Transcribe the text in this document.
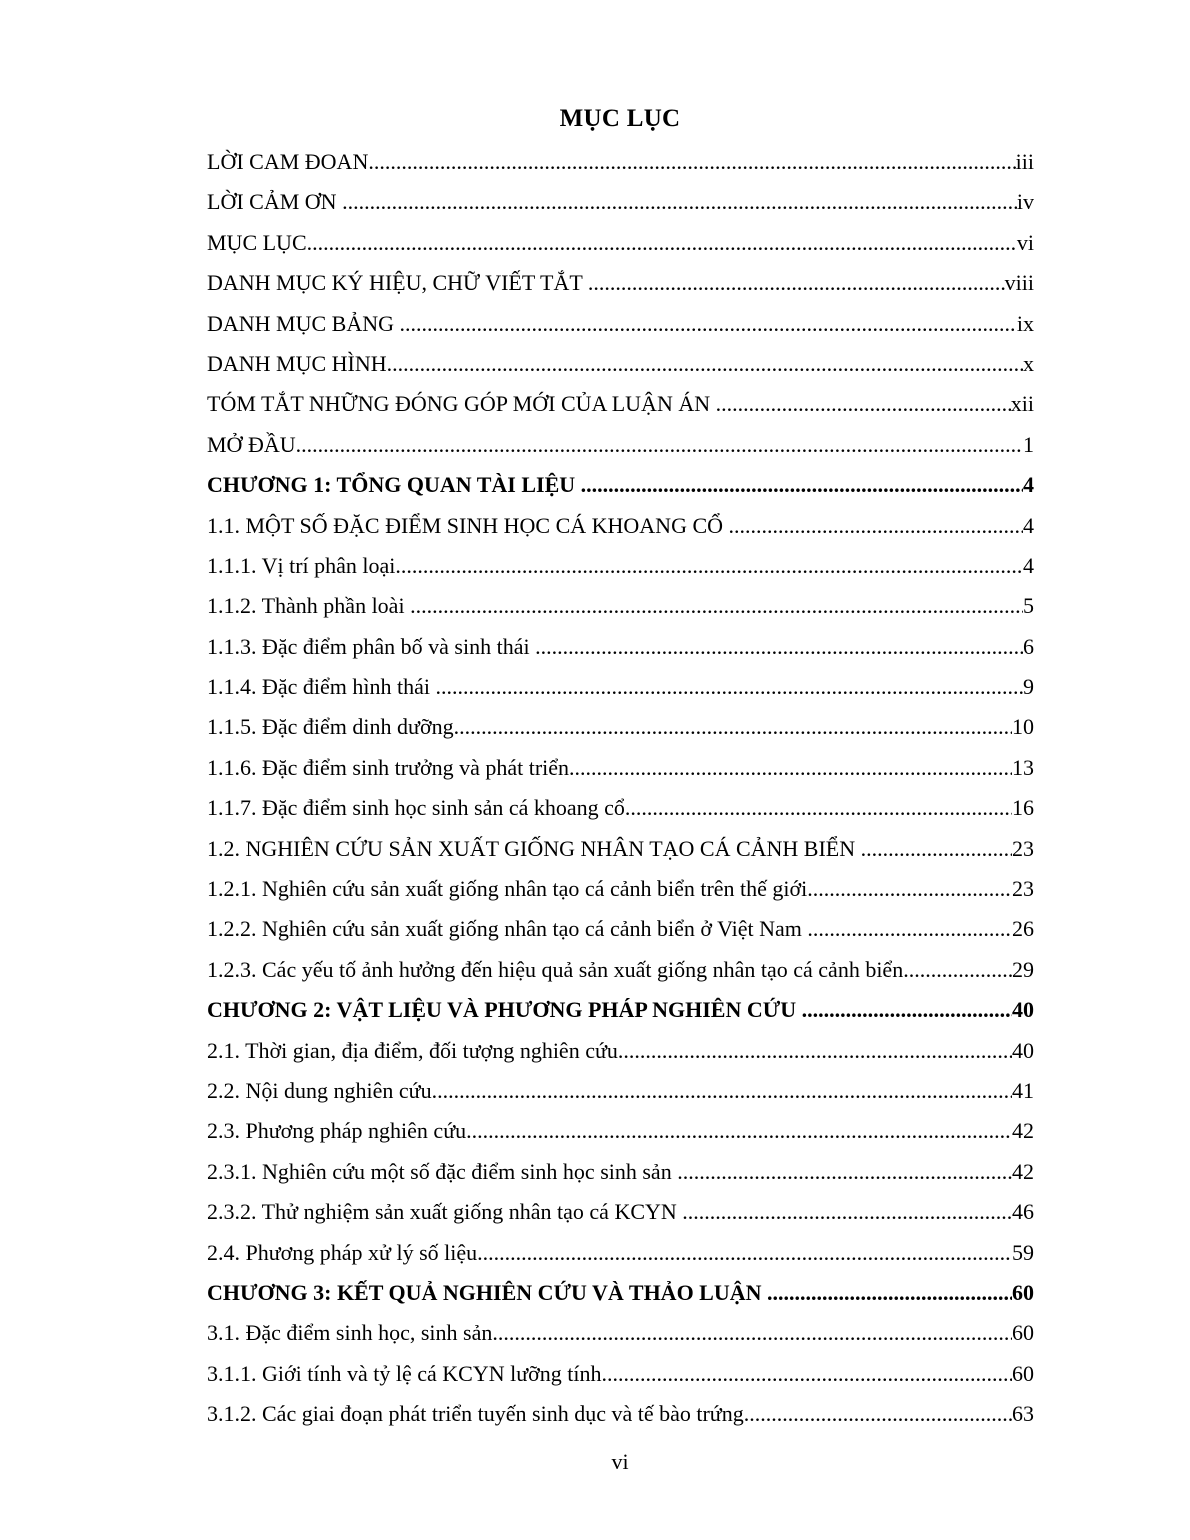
MỤC LỤC
LỜI CAM ĐOAN .....	iii
LỜI CẢM ƠN .....	iv
MỤC LỤC .....	vi
DANH MỤC KÝ HIỆU, CHỮ VIẾT TẮT .....	viii
DANH MỤC BẢNG .....	ix
DANH MỤC HÌNH .....	x
TÓM TẮT NHỮNG ĐÓNG GÓP MỚI CỦA LUẬN ÁN .....	xii
MỞ ĐẦU .....	1
CHƯƠNG 1: TỔNG QUAN TÀI LIỆU .....	4
1.1. MỘT SỐ ĐẶC ĐIỂM SINH HỌC CÁ KHOANG CỔ .....	4
1.1.1. Vị trí phân loại .....	4
1.1.2. Thành phần loài .....	5
1.1.3. Đặc điểm phân bố và sinh thái .....	6
1.1.4. Đặc điểm hình thái .....	9
1.1.5. Đặc điểm dinh dưỡng .....	10
1.1.6. Đặc điểm sinh trưởng và phát triển .....	13
1.1.7. Đặc điểm sinh học sinh sản cá khoang cổ .....	16
1.2. NGHIÊN CỨU SẢN XUẤT GIỐNG NHÂN TẠO CÁ CẢNH BIỂN .....	23
1.2.1. Nghiên cứu sản xuất giống nhân tạo cá cảnh biển trên thế giới .....	23
1.2.2. Nghiên cứu sản xuất giống nhân tạo cá cảnh biển ở Việt Nam .....	26
1.2.3. Các yếu tố ảnh hưởng đến hiệu quả sản xuất giống nhân tạo cá cảnh biển .....	29
CHƯƠNG 2: VẬT LIỆU VÀ PHƯƠNG PHÁP NGHIÊN CỨU .....	40
2.1. Thời gian, địa điểm, đối tượng nghiên cứu .....	40
2.2. Nội dung nghiên cứu .....	41
2.3. Phương pháp nghiên cứu .....	42
2.3.1. Nghiên cứu một số đặc điểm sinh học sinh sản .....	42
2.3.2. Thử nghiệm sản xuất giống nhân tạo cá KCYN .....	46
2.4. Phương pháp xử lý số liệu .....	59
CHƯƠNG 3: KẾT QUẢ NGHIÊN CỨU VÀ THẢO LUẬN .....	60
3.1. Đặc điểm sinh học, sinh sản .....	60
3.1.1. Giới tính và tỷ lệ cá KCYN lưỡng tính .....	60
3.1.2. Các giai đoạn phát triển tuyến sinh dục và tế bào trứng .....	63
vi
